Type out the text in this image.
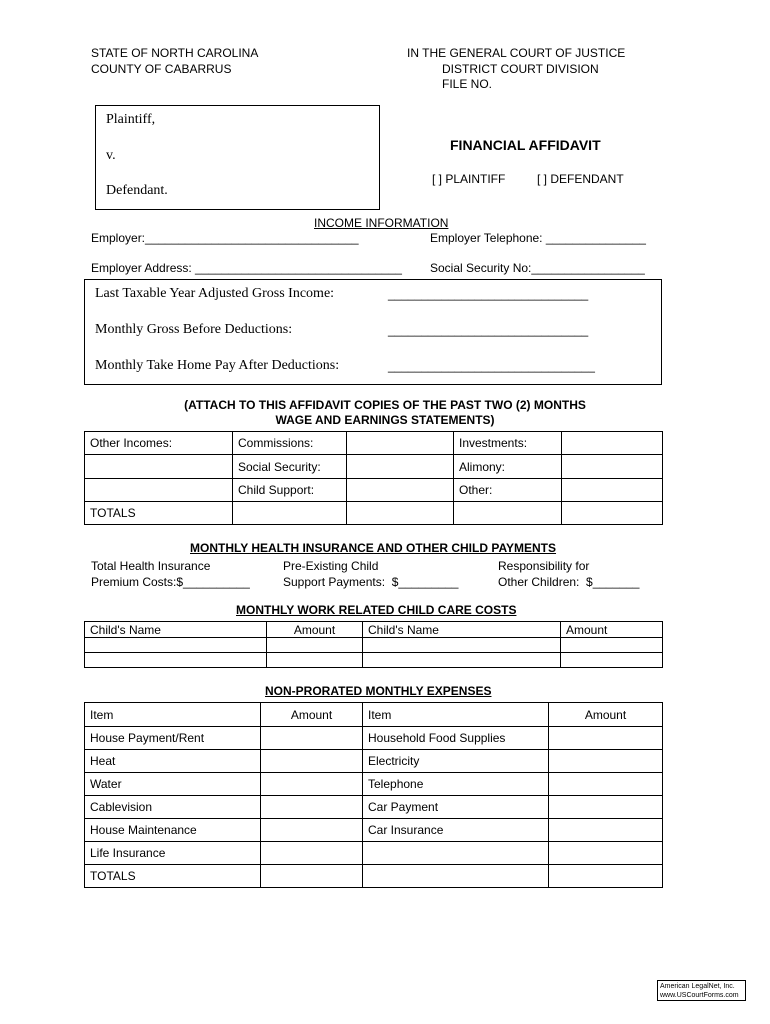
STATE OF NORTH CAROLINA
COUNTY OF CABARRUS
IN THE GENERAL COURT OF JUSTICE
DISTRICT COURT DIVISION
FILE NO.
Plaintiff,
v.
Defendant.
FINANCIAL AFFIDAVIT
[ ] PLAINTIFF	[ ] DEFENDANT
INCOME INFORMATION
Employer:________________________________	Employer Telephone: _______________
Employer Address: _______________________________ Social Security No:_________________
Last Taxable Year Adjusted Gross Income:	______________________________
Monthly Gross Before Deductions:	______________________________
Monthly Take Home Pay After Deductions:	_______________________________
(ATTACH TO THIS AFFIDAVIT COPIES OF THE PAST TWO (2) MONTHS
WAGE AND EARNINGS STATEMENTS)
Other Incomes:	Commissions:		Investments:	
	Social Security:		Alimony:	
	Child Support:		Other:	
TOTALS				
MONTHLY HEALTH INSURANCE AND OTHER CHILD PAYMENTS
Total Health Insurance
Premium Costs:$__________
Pre-Existing Child
Support Payments:  $_________
Responsibility for
Other Children:  $_______
MONTHLY WORK RELATED CHILD CARE COSTS
Child's Name	Amount	Child's Name	Amount

NON-PRORATED MONTHLY EXPENSES
Item	Amount	Item	Amount
House Payment/Rent		Household Food Supplies	
Heat		Electricity	
Water		Telephone	
Cablevision		Car Payment	
House Maintenance		Car Insurance	
Life Insurance			
TOTALS			
American LegalNet, Inc.
www.USCourtForms.com
